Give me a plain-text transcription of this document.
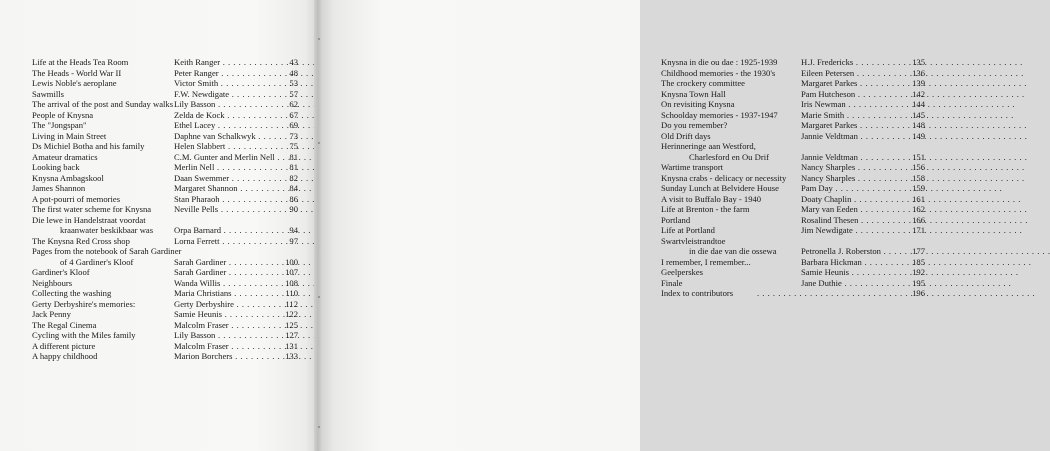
Life at the Heads Tea Room	Keith Ranger . . .	43
The Heads - World War II	Peter Ranger . . .	48
Lewis Noble's aeroplane	Victor Smith . . .	53
Sawmills	F.W. Newdigate . . .	57
The arrival of the post and Sunday walks Lily Basson . . .	62
People of Knysna	Zelda de Kock . . .	67
The "Jongspan"	Ethel Lacey . . .	69
Living in Main Street	Daphne van Schalkwyk . . .	73
Ds Michiel Botha and his family	Helen Slabbert . . .	75
Amateur dramatics	C.M. Gunter and Merlin Nell . . .	81
Looking back	Merlin Nell . . .	81
Knysna Ambagskool	Daan Swemmer . . .	82
James Shannon	Margaret Shannon . . .	84
A pot-pourri of memories	Stan Pharaoh . . .	86
The first water scheme for Knysna	Neville Pells . . .	90
Die lewe in Handelstraat voordat
kraanwater beskikbaar was	Orpa Barnard . . .	94
The Knysna Red Cross shop	Lorna Ferrett . . .	97
Pages from the notebook of Sarah Gardiner
of 4 Gardiner's Kloof	Sarah Gardiner . . .	100
Gardiner's Kloof	Sarah Gardiner . . .	107
Neighbours	Wanda Willis . . .	108
Collecting the washing	Maria Christians . . .	110
Gerty Derbyshire's memories:	Gerty Derbyshire . . .	112
Jack Penny	Samie Heunis . . .	122
The Regal Cinema	Malcolm Fraser . . .	125
Cycling with the Miles family	Lily Basson . . .	127
A different picture	Malcolm Fraser . . .	131
A happy childhood	Marion Borchers . . .	133
Knysna in die ou dae : 1925-1939	H.J. Fredericks . . .	135
Childhood memories - the 1930's	Eileen Petersen . . .	136
The crockery committee	Margaret Parkes . . .	139
Knysna Town Hall	Pam Hutcheson . . .	142
On revisiting Knysna	Iris Newman . . .	144
Schoolday memories - 1937-1947	Marie Smith . . .	145
Do you remember?	Margaret Parkes . . .	148
Old Drift days	Jannie Veldtman . . .	149
Herinneringe aan Westford,
Charlesford en Ou Drif	Jannie Veldtman . . .	151
Wartime transport	Nancy Sharples . . .	156
Knysna crabs - delicacy or necessity	Nancy Sharples . . .	158
Sunday Lunch at Belvidere House	Pam Day . . .	159
A visit to Buffalo Bay - 1940	Doaty Chaplin . . .	161
Life at Brenton - the farm	Mary van Eeden . . .	162
Portland	Rosalind Thesen . . .	166
Life at Portland	Jim Newdigate . . .	171
Swartvleistrandtoe
in die dae van die ossewa	Petronella J. Roberston . . .	177
I remember, I remember...	Barbara Hickman . . .	185
Geelperskes	Samie Heunis . . .	192
Finale	Jane Duthie . . .	195
Index to contributors . . .	196
